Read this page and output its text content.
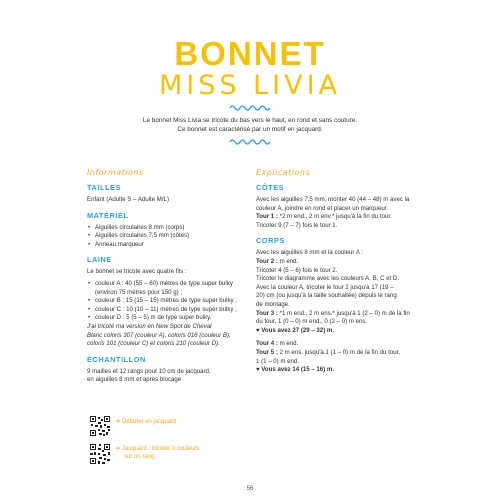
BONNET
MISS LIVIA
Le bonnet Miss Livia se tricote du bas vers le haut, en rond et sans couture.
Ce bonnet est caractérisé par un motif en jacquard.
Informations
TAILLES
Enfant (Adulte S – Adulte M/L)
MATÉRIEL
• Aiguilles circulaires 8 mm (corps)
• Aiguilles circulaires 7,5 mm (côtes)
• Anneau marqueur
LAINE
Le bonnet se tricote avec quatre fils :
• couleur A : 40 (55 – 60) mètres de type super bulky
(environ 75 mètres pour 150 g) ;
• couleur B : 15 (15 – 15) mètres de type super bulky ;
• couleur C : 10 (10 – 11) mètres de type super bulky ;
• couleur D : 5 (5 – 5) m de type super bulky.
J'ai tricoté ma version en New Spot de Cheval
Blanc coloris 307 (couleur A), coloris 016 (couleur B),
coloris 101 (couleur C) et coloris 210 (couleur D).
ÉCHANTILLON
9 mailles et 12 rangs pour 10 cm de jacquard,
en aiguilles 8 mm et après blocage
➔ Débuter en jacquard
➔ Jacquard : tricoter 3 couleurs
sur un rang
Explications
CÔTES
Avec les aiguilles 7,5 mm, monter 40 (44 – 48) m avec la
couleur A, joindre en rond et placer un marqueur.
Tour 1 : *2 m end., 2 m env.* jusqu'à la fin du tour.
Tricoter 9 (7 – 7) fois le tour 1.
CORPS
Avec les aiguilles 8 mm et la couleur A :
Tour 2 : m end.
Tricoter 4 (5 – 6) fois le tour 2.
Tricoter le diagramme avec les couleurs A, B, C et D.
Avec la couleur A, tricoter le tour 2 jusqu'à 17 (19 –
20) cm (ou jusqu'à la taille souhaitée) depuis le rang
de montage.
Tour 3 : *1 m end., 2 m ens.* jusqu'à 1 (2 – 0) m de la fin
du tour, 1 (0 – 0) m end., 0 (2 – 0) m ens.
♥ Vous avez 27 (29 – 32) m.
Tour 4 : m end.
Tour 5 : 2 m ens. jusqu'à 1 (1 – 0) m de la fin du tour,
1 (1 – 0) m end.
♥ Vous avez 14 (15 – 16) m.
56
